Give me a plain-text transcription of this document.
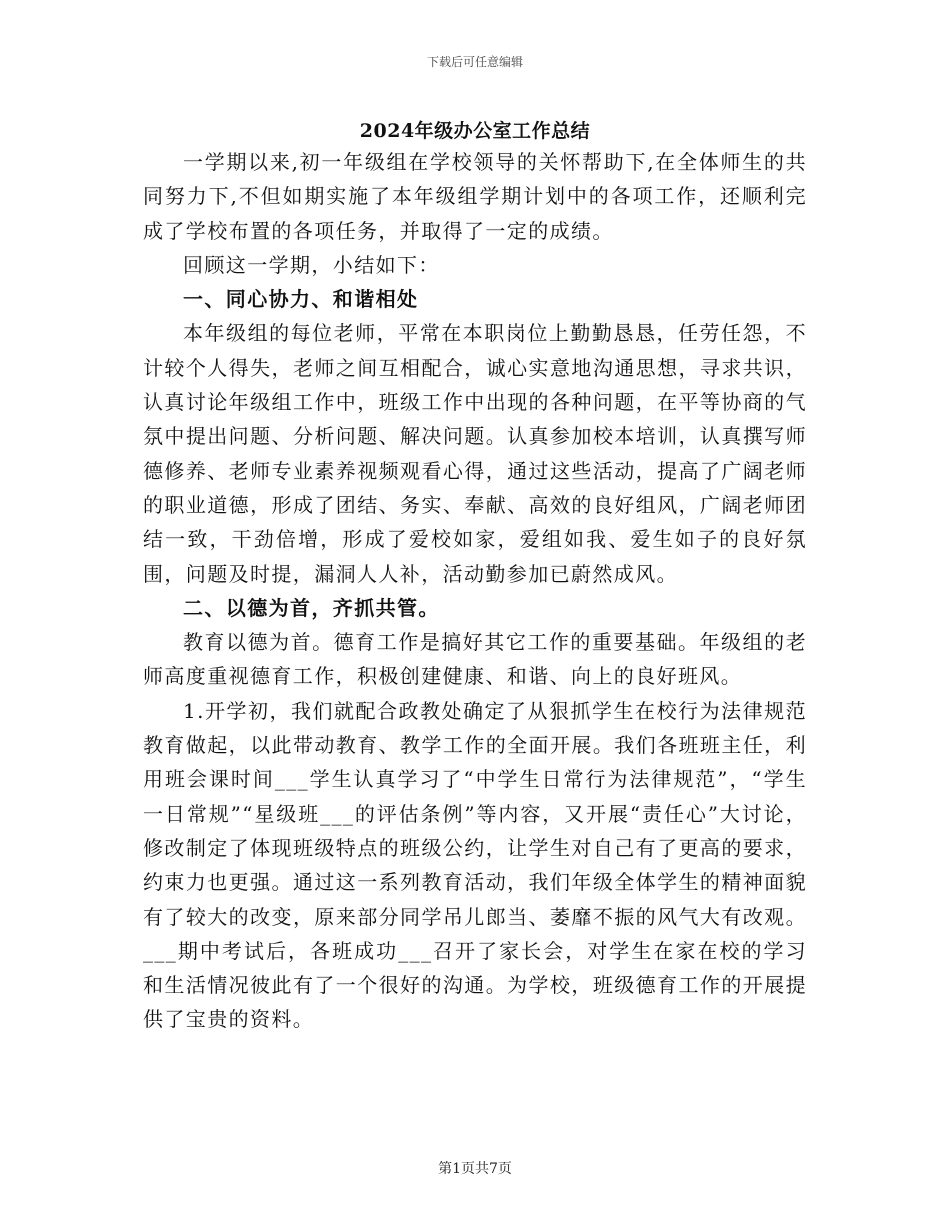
下载后可任意编辑
2024年级办公室工作总结

一学期以来,初一年级组在学校领导的关怀帮助下,在全体师生的共同努力下,不但如期实施了本年级组学期计划中的各项工作，还顺利完成了学校布置的各项任务，并取得了一定的成绩。

回顾这一学期，小结如下：

一、同心协力、和谐相处

本年级组的每位老师，平常在本职岗位上勤勤恳恳，任劳任怨，不计较个人得失，老师之间互相配合，诚心实意地沟通思想，寻求共识，认真讨论年级组工作中，班级工作中出现的各种问题，在平等协商的气氛中提出问题、分析问题、解决问题。认真参加校本培训，认真撰写师德修养、老师专业素养视频观看心得，通过这些活动，提高了广阔老师的职业道德，形成了团结、务实、奉献、高效的良好组风，广阔老师团结一致，干劲倍增，形成了爱校如家，爱组如我、爱生如子的良好氛围，问题及时提，漏洞人人补，活动勤参加已蔚然成风。

二、以德为首，齐抓共管。

教育以德为首。德育工作是搞好其它工作的重要基础。年级组的老师高度重视德育工作，积极创建健康、和谐、向上的良好班风。

1.开学初，我们就配合政教处确定了从狠抓学生在校行为法律规范教育做起，以此带动教育、教学工作的全面开展。我们各班班主任，利用班会课时间___学生认真学习了“中学生日常行为法律规范”，“学生一日常规”“星级班___的评估条例”等内容，又开展“责任心”大讨论，修改制定了体现班级特点的班级公约，让学生对自己有了更高的要求，约束力也更强。通过这一系列教育活动，我们年级全体学生的精神面貌有了较大的改变，原来部分同学吊儿郎当、萎靡不振的风气大有改观。___期中考试后，各班成功___召开了家长会，对学生在家在校的学习和生活情况彼此有了一个很好的沟通。为学校，班级德育工作的开展提供了宝贵的资料。

第1页共7页
